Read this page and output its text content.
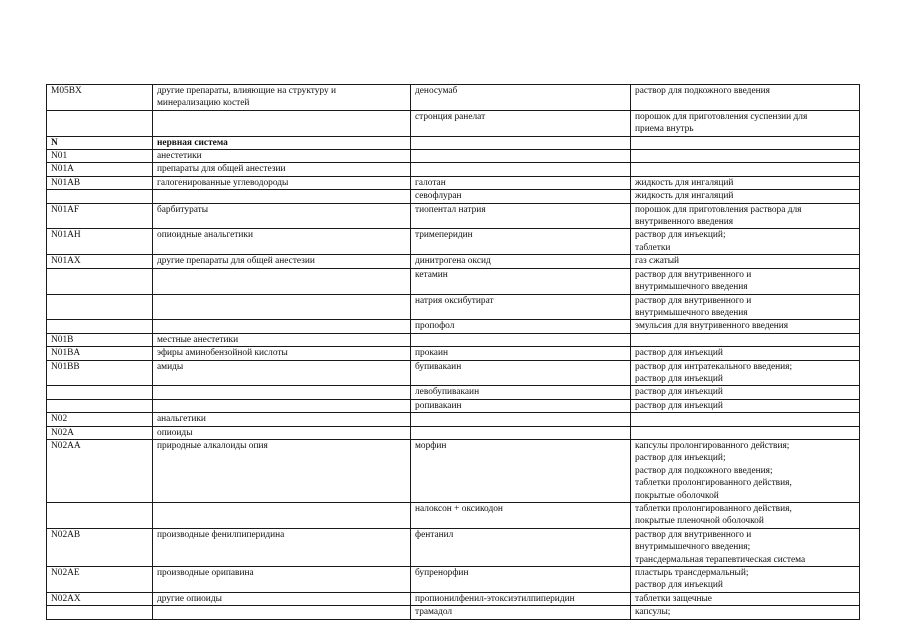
M05BX	другие препараты, влияющие на структуру и
минерализацию костей	деносумаб	раствор для подкожного введения

		стронция ранелат	порошок для приготовления суспензии для
приема внутрь

N	нервная система		

N01	анестетики		

N01A	препараты для общей анестезии		

N01AB	галогенированные углеводороды	галотан	жидкость для ингаляций

		севофлуран	жидкость для ингаляций

N01AF	барбитураты	тиопентал натрия	порошок для приготовления раствора для
внутривенного введения

N01AH	опиоидные анальгетики	тримеперидин	раствор для инъекций;
таблетки

N01AX	другие препараты для общей анестезии	динитрогена оксид	газ сжатый

		кетамин	раствор для внутривенного и
внутримышечного введения

		натрия оксибутират	раствор для внутривенного и
внутримышечного введения

		пропофол	эмульсия для внутривенного введения

N01B	местные анестетики		

N01BA	эфиры аминобензойной кислоты	прокаин	раствор для инъекций

N01BB	амиды	бупивакаин	раствор для интратекального введения;
раствор для инъекций

		левобупивакаин	раствор для инъекций

		ропивакаин	раствор для инъекций

N02	анальгетики		

N02A	опиоиды		

N02AA	природные алкалоиды опия	морфин	капсулы пролонгированного действия;
раствор для инъекций;
раствор для подкожного введения;
таблетки пролонгированного действия,
покрытые оболочкой

		налоксон + оксикодон	таблетки пролонгированного действия,
покрытые пленочной оболочкой

N02AB	производные фенилпиперидина	фентанил	раствор для внутривенного и
внутримышечного введения;
трансдермальная терапевтическая система

N02AE	производные орипавина	бупренорфин	пластырь трансдермальный;
раствор для инъекций

N02AX	другие опиоиды	пропионилфенил-этоксиэтилпиперидин	таблетки защечные

		трамадол	капсулы;
